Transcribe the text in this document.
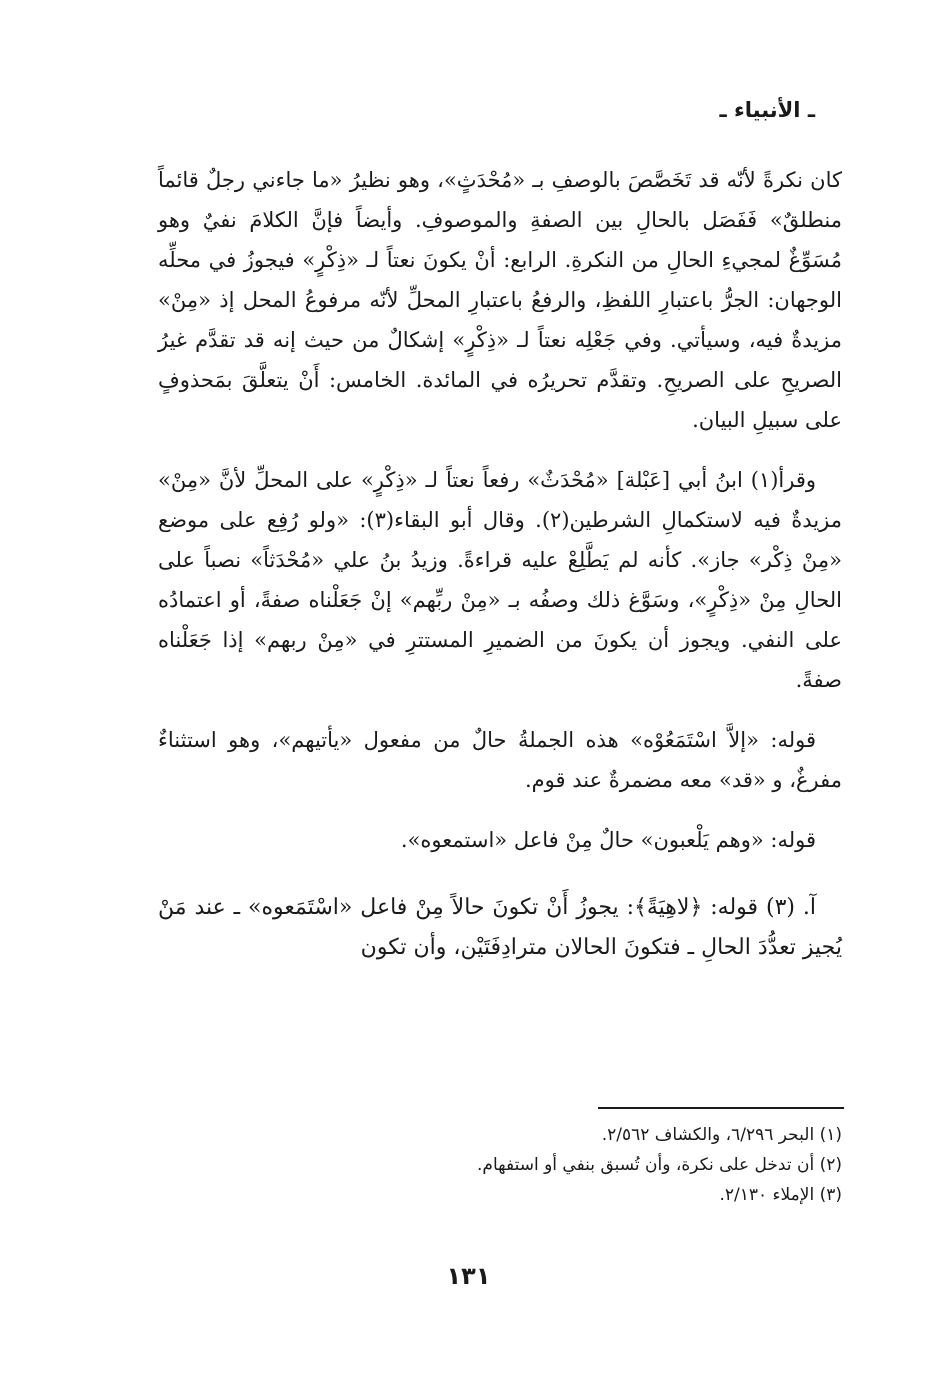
ـ الأنبياء ـ

كان نكرةً لأنّه قد تَخَصَّصَ بالوصفِ بـ «مُحْدَثٍ»، وهو نظيرُ «ما جاءني رجلٌ قائماً منطلقٌ» فَفَصَل بالحالِ بين الصفةِ والموصوفِ. وأيضاً فإنَّ الكلامَ نفيٌ وهو مُسَوِّغٌ لمجيءِ الحالِ من النكرةِ. الرابع: أنْ يكونَ نعتاً لـ «ذِكْرٍ» فيجوزُ في محلِّه الوجهان: الجرُّ باعتبارِ اللفظِ، والرفعُ باعتبارِ المحلِّ لأنّه مرفوعُ المحل إذ «مِنْ» مزيدةٌ فيه، وسيأتي. وفي جَعْلِه نعتاً لـ «ذِكْرٍ» إشكالٌ من حيث إنه قد تقدَّم غيرُ الصريحِ على الصريحِ. وتقدَّم تحريرُه في المائدة. الخامس: أَنْ يتعلَّقَ بمَحذوفٍ على سبيلِ البيان.

وقرأ(١) ابنُ أبي [عَبْلة] «مُحْدَثٌ» رفعاً نعتاً لـ «ذِكْرٍ» على المحلِّ لأنَّ «مِنْ» مزيدةٌ فيه لاستكمالِ الشرطين(٢). وقال أبو البقاء(٣): «ولو رُفِع على موضع «مِنْ ذِكْر» جاز». كأنه لم يَطَّلِعْ عليه قراءةً. وزيدُ بنُ علي «مُحْدَثاً» نصباً على الحالِ مِنْ «ذِكْرٍ»، وسَوَّغ ذلك وصفُه بـ «مِنْ ربِّهم» إنْ جَعَلْناه صفةً، أو اعتمادُه على النفي. ويجوز أن يكونَ من الضميرِ المستترِ في «مِنْ ربهم» إذا جَعَلْناه صفةً.

قوله: «إلاَّ اسْتَمَعُوْه» هذه الجملةُ حالٌ من مفعول «يأتيهم»، وهو استثناءٌ مفرغٌ، و «قد» معه مضمرةٌ عند قوم.

قوله: «وهم يَلْعبون» حالٌ مِنْ فاعل «استمعوه».

آ. (٣) قوله: ﴿لاهِيَةً﴾: يجوزُ أَنْ تكونَ حالاً مِنْ فاعل «اسْتَمَعوه» ـ عند مَنْ يُجيز تعدُّدَ الحالِ ـ فتكونَ الحالان مترادِفَتَيْن، وأن تكون

(١) البحر ٦/٢٩٦، والكشاف ٢/٥٦٢.
(٢) أن تدخل على نكرة، وأن تُسبق بنفي أو استفهام.
(٣) الإملاء ٢/١٣٠.
١٣١
